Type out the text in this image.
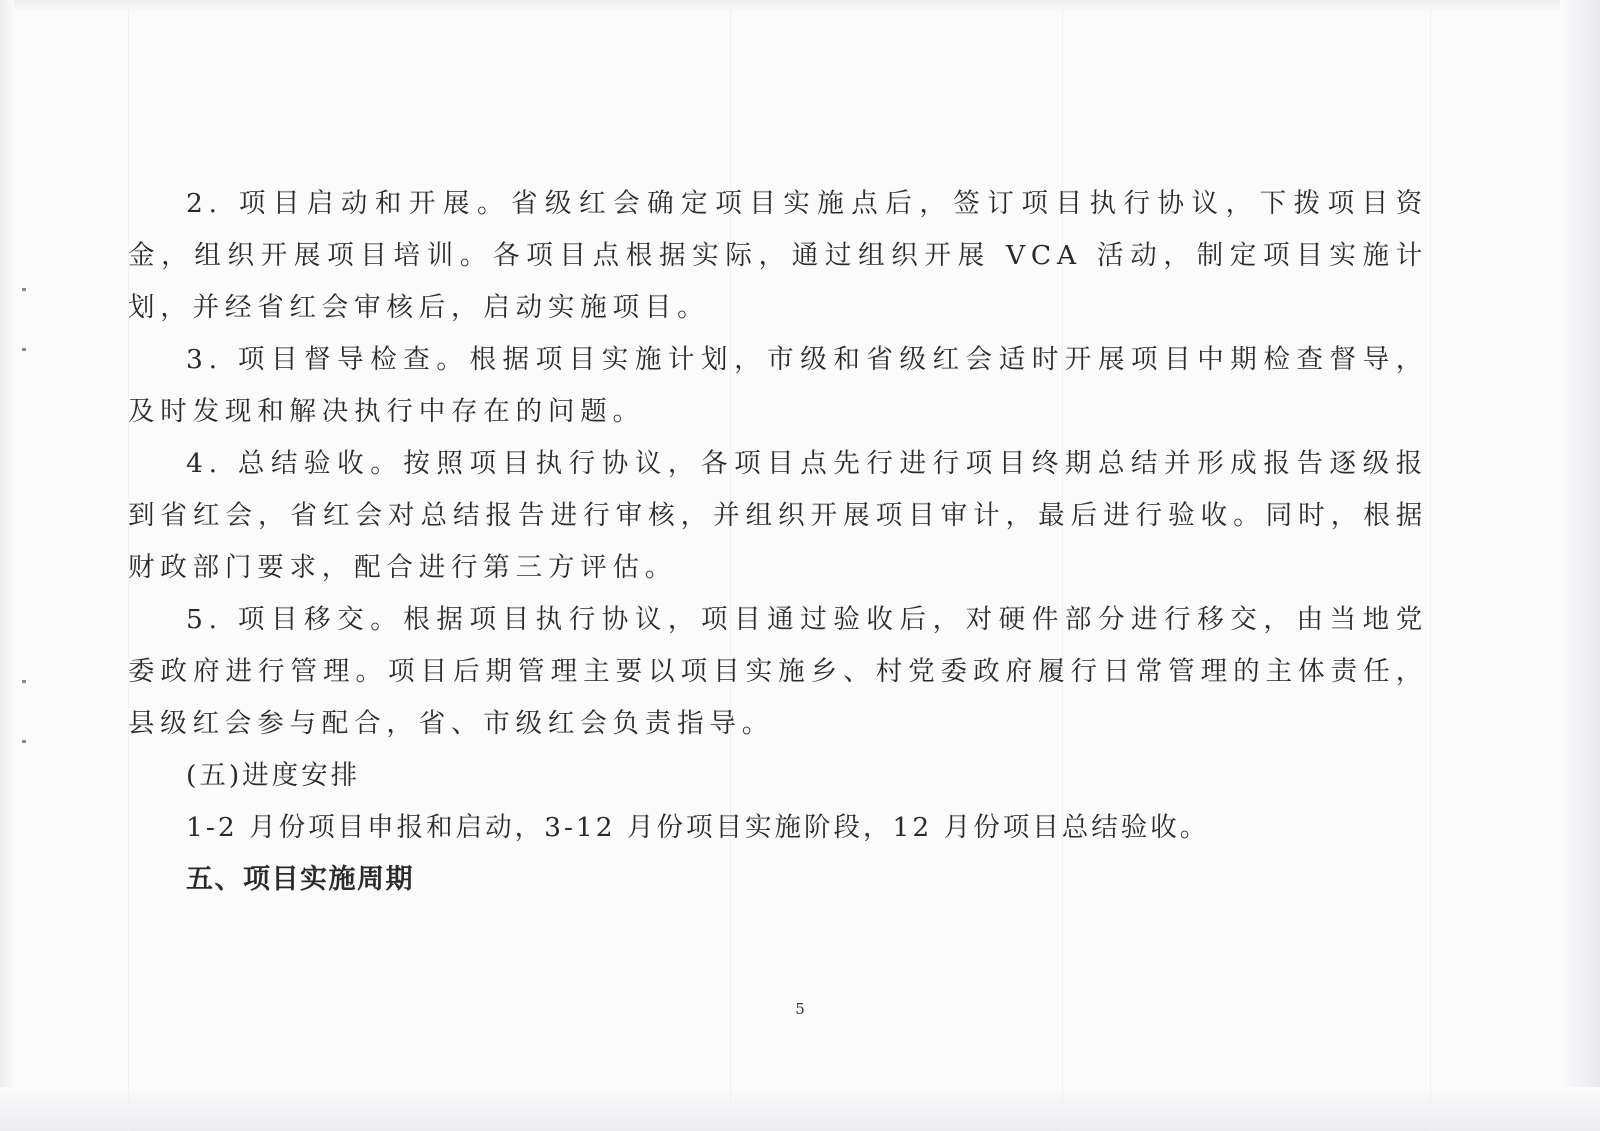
2. 项目启动和开展。省级红会确定项目实施点后，签订项目执行协议，下拨项目资金，组织开展项目培训。各项目点根据实际，通过组织开展 VCA 活动，制定项目实施计划，并经省红会审核后，启动实施项目。

3. 项目督导检查。根据项目实施计划，市级和省级红会适时开展项目中期检查督导，及时发现和解决执行中存在的问题。

4. 总结验收。按照项目执行协议，各项目点先行进行项目终期总结并形成报告逐级报到省红会，省红会对总结报告进行审核，并组织开展项目审计，最后进行验收。同时，根据财政部门要求，配合进行第三方评估。

5. 项目移交。根据项目执行协议，项目通过验收后，对硬件部分进行移交，由当地党委政府进行管理。项目后期管理主要以项目实施乡、村党委政府履行日常管理的主体责任，县级红会参与配合，省、市级红会负责指导。

(五)进度安排

1-2 月份项目申报和启动，3-12 月份项目实施阶段，12 月份项目总结验收。

五、项目实施周期

5
